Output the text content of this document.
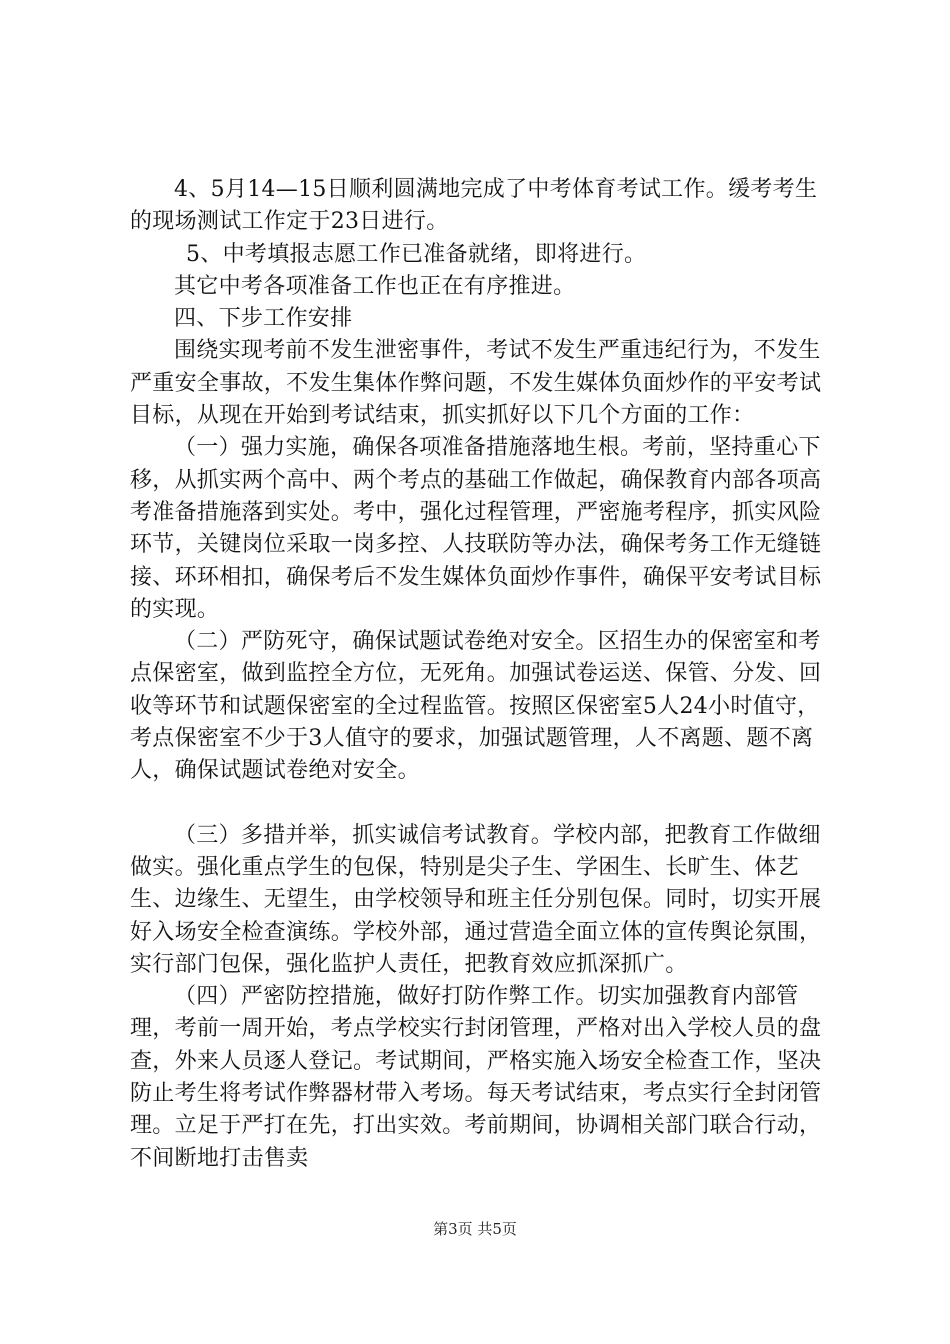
4、5月14—15日顺利圆满地完成了中考体育考试工作。缓考考生的现场测试工作定于23日进行。

5、中考填报志愿工作已准备就绪，即将进行。

其它中考各项准备工作也正在有序推进。

四、下步工作安排

围绕实现考前不发生泄密事件，考试不发生严重违纪行为，不发生严重安全事故，不发生集体作弊问题，不发生媒体负面炒作的平安考试目标，从现在开始到考试结束，抓实抓好以下几个方面的工作：

（一）强力实施，确保各项准备措施落地生根。考前，坚持重心下移，从抓实两个高中、两个考点的基础工作做起，确保教育内部各项高考准备措施落到实处。考中，强化过程管理，严密施考程序，抓实风险环节，关键岗位采取一岗多控、人技联防等办法，确保考务工作无缝链接、环环相扣，确保考后不发生媒体负面炒作事件，确保平安考试目标的实现。

（二）严防死守，确保试题试卷绝对安全。区招生办的保密室和考点保密室，做到监控全方位，无死角。加强试卷运送、保管、分发、回收等环节和试题保密室的全过程监管。按照区保密室5人24小时值守，考点保密室不少于3人值守的要求，加强试题管理，人不离题、题不离人，确保试题试卷绝对安全。

（三）多措并举，抓实诚信考试教育。学校内部，把教育工作做细做实。强化重点学生的包保，特别是尖子生、学困生、长旷生、体艺生、边缘生、无望生，由学校领导和班主任分别包保。同时，切实开展好入场安全检查演练。学校外部，通过营造全面立体的宣传舆论氛围，实行部门包保，强化监护人责任，把教育效应抓深抓广。

（四）严密防控措施，做好打防作弊工作。切实加强教育内部管理，考前一周开始，考点学校实行封闭管理，严格对出入学校人员的盘查，外来人员逐人登记。考试期间，严格实施入场安全检查工作，坚决防止考生将考试作弊器材带入考场。每天考试结束，考点实行全封闭管理。立足于严打在先，打出实效。考前期间，协调相关部门联合行动，不间断地打击售卖

第3页 共5页
